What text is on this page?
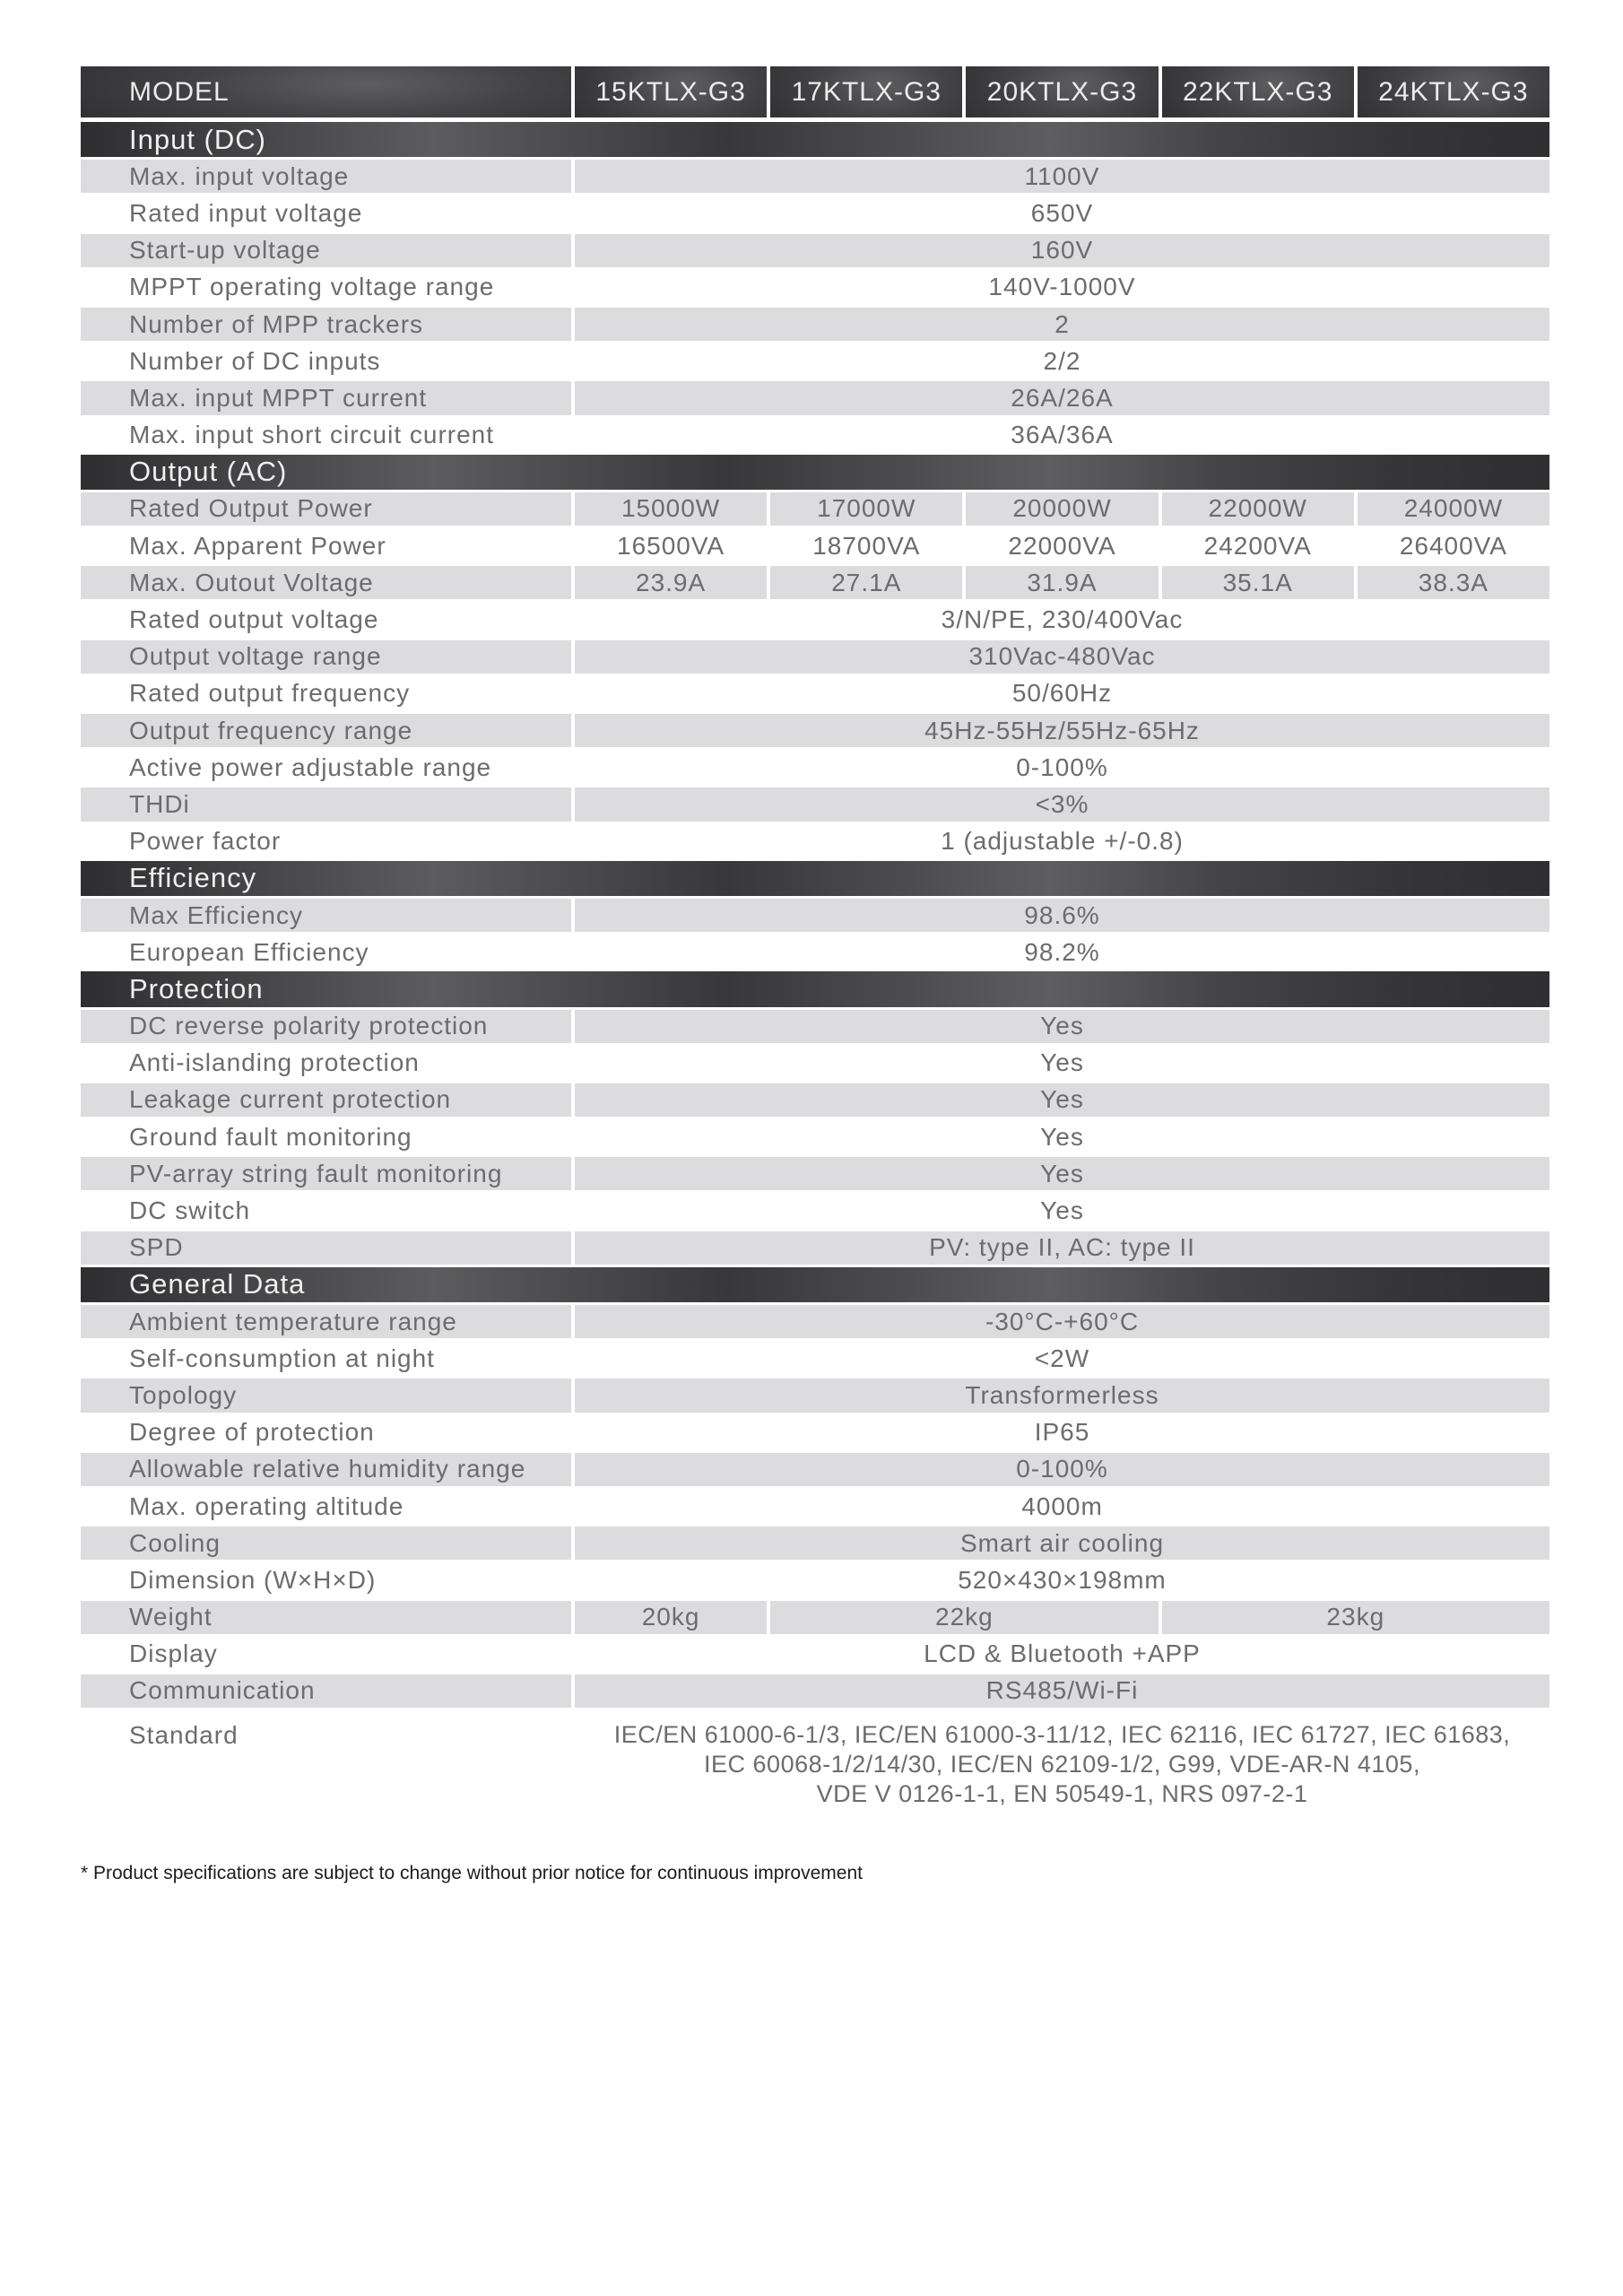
MODEL	15KTLX-G3	17KTLX-G3	20KTLX-G3	22KTLX-G3	24KTLX-G3
Input (DC)
Max. input voltage	1100V
Rated input voltage	650V
Start-up voltage	160V
MPPT operating voltage range	140V-1000V
Number of MPP trackers	2
Number of DC inputs	2/2
Max. input MPPT current	26A/26A
Max. input short circuit current	36A/36A
Output (AC)
Rated Output Power	15000W	17000W	20000W	22000W	24000W
Max. Apparent Power	16500VA	18700VA	22000VA	24200VA	26400VA
Max. Outout Voltage	23.9A	27.1A	31.9A	35.1A	38.3A
Rated output voltage	3/N/PE, 230/400Vac
Output voltage range	310Vac-480Vac
Rated output frequency	50/60Hz
Output frequency range	45Hz-55Hz/55Hz-65Hz
Active power adjustable range	0-100%
THDi	<3%
Power factor	1 (adjustable +/-0.8)
Efficiency
Max Efficiency	98.6%
European Efficiency	98.2%
Protection
DC reverse polarity protection	Yes
Anti-islanding protection	Yes
Leakage current protection	Yes
Ground fault monitoring	Yes
PV-array string fault monitoring	Yes
DC switch	Yes
SPD	PV: type II, AC: type II
General Data
Ambient temperature range	-30°C-+60°C
Self-consumption at night	<2W
Topology	Transformerless
Degree of protection	IP65
Allowable relative humidity range	0-100%
Max. operating altitude	4000m
Cooling	Smart air cooling
Dimension (W×H×D)	520×430×198mm
Weight	20kg	22kg	23kg
Display	LCD & Bluetooth +APP
Communication	RS485/Wi-Fi
Standard	IEC/EN 61000-6-1/3, IEC/EN 61000-3-11/12, IEC 62116, IEC 61727, IEC 61683,
IEC 60068-1/2/14/30, IEC/EN 62109-1/2, G99, VDE-AR-N 4105,
VDE V 0126-1-1, EN 50549-1, NRS 097-2-1
* Product specifications are subject to change without prior notice for continuous improvement
